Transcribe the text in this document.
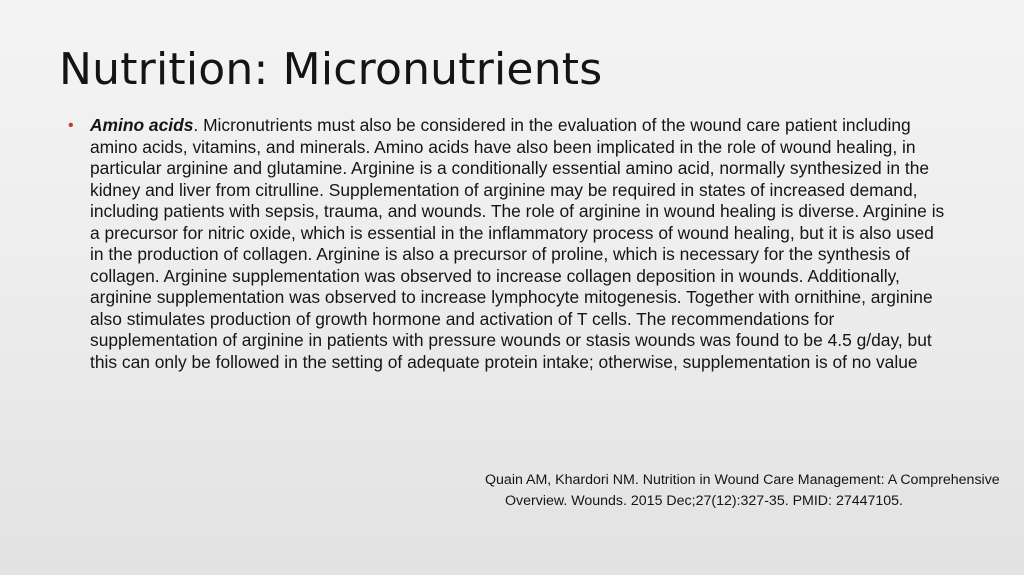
Nutrition: Micronutrients
• Amino acids. Micronutrients must also be considered in the evaluation of the wound care patient including amino acids, vitamins, and minerals. Amino acids have also been implicated in the role of wound healing, in particular arginine and glutamine. Arginine is a conditionally essential amino acid, normally synthesized in the kidney and liver from citrulline. Supplementation of arginine may be required in states of increased demand, including patients with sepsis, trauma, and wounds. The role of arginine in wound healing is diverse. Arginine is a precursor for nitric oxide, which is essential in the inflammatory process of wound healing, but it is also used in the production of collagen. Arginine is also a precursor of proline, which is necessary for the synthesis of collagen. Arginine supplementation was observed to increase collagen deposition in wounds. Additionally, arginine supplementation was observed to increase lymphocyte mitogenesis. Together with ornithine, arginine also stimulates production of growth hormone and activation of T cells. The recommendations for supplementation of arginine in patients with pressure wounds or stasis wounds was found to be 4.5 g/day, but this can only be followed in the setting of adequate protein intake; otherwise, supplementation is of no value

Quain AM, Khardori NM. Nutrition in Wound Care Management: A Comprehensive Overview. Wounds. 2015 Dec;27(12):327-35. PMID: 27447105.
